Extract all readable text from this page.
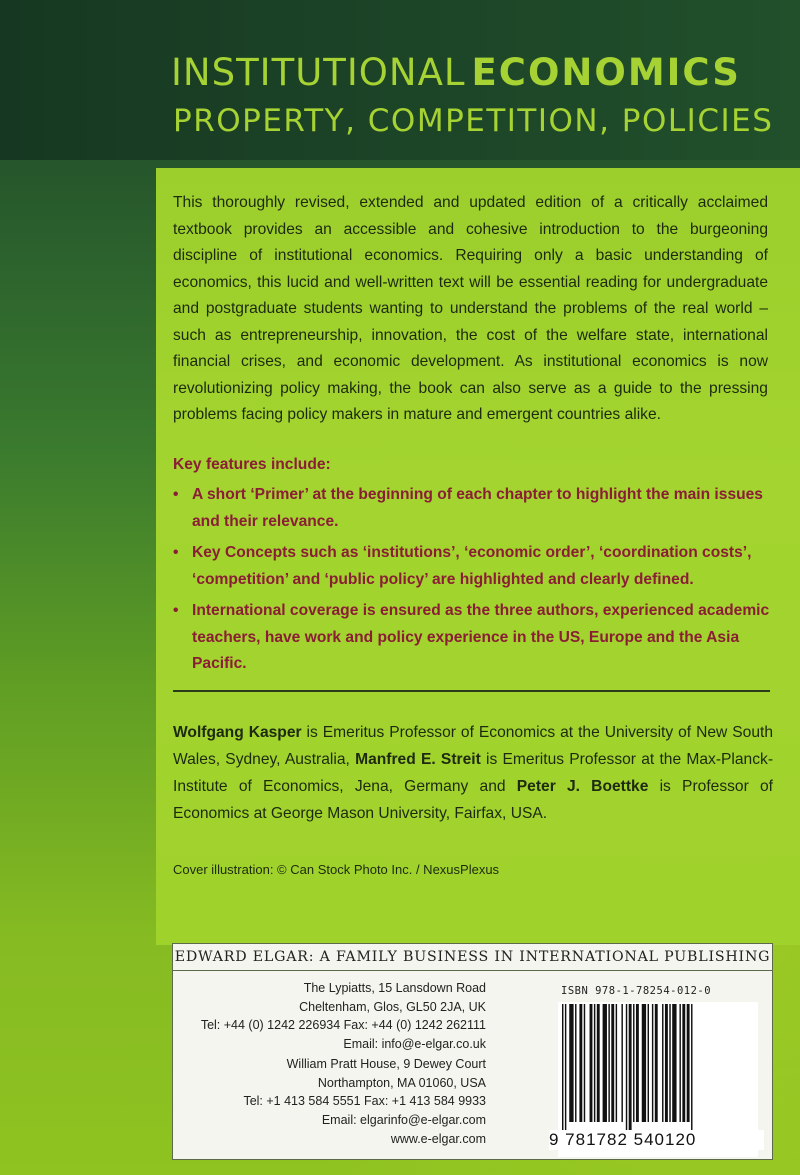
INSTITUTIONAL ECONOMICS
PROPERTY, COMPETITION, POLICIES

This thoroughly revised, extended and updated edition of a critically acclaimed textbook provides an accessible and cohesive introduction to the burgeoning discipline of institutional economics. Requiring only a basic understanding of economics, this lucid and well-written text will be essential reading for undergraduate and postgraduate students wanting to understand the problems of the real world – such as entrepreneurship, innovation, the cost of the welfare state, international financial crises, and economic development. As institutional economics is now revolutionizing policy making, the book can also serve as a guide to the pressing problems facing policy makers in mature and emergent countries alike.

Key features include:
• A short ‘Primer’ at the beginning of each chapter to highlight the main issues and their relevance.
• Key Concepts such as ‘institutions’, ‘economic order’, ‘coordination costs’, ‘competition’ and ‘public policy’ are highlighted and clearly defined.
• International coverage is ensured as the three authors, experienced academic teachers, have work and policy experience in the US, Europe and the Asia Pacific.

Wolfgang Kasper is Emeritus Professor of Economics at the University of New South Wales, Sydney, Australia, Manfred E. Streit is Emeritus Professor at the Max-Planck-Institute of Economics, Jena, Germany and Peter J. Boettke is Professor of Economics at George Mason University, Fairfax, USA.

Cover illustration: © Can Stock Photo Inc. / NexusPlexus
EDWARD ELGAR: A FAMILY BUSINESS IN INTERNATIONAL PUBLISHING
The Lypiatts, 15 Lansdown Road
Cheltenham, Glos, GL50 2JA, UK
Tel: +44 (0) 1242 226934 Fax: +44 (0) 1242 262111
Email: info@e-elgar.co.uk
William Pratt House, 9 Dewey Court
Northampton, MA 01060, USA
Tel: +1 413 584 5551 Fax: +1 413 584 9933
Email: elgarinfo@e-elgar.com
www.e-elgar.com
ISBN 978-1-78254-012-0
9 781782 540120
